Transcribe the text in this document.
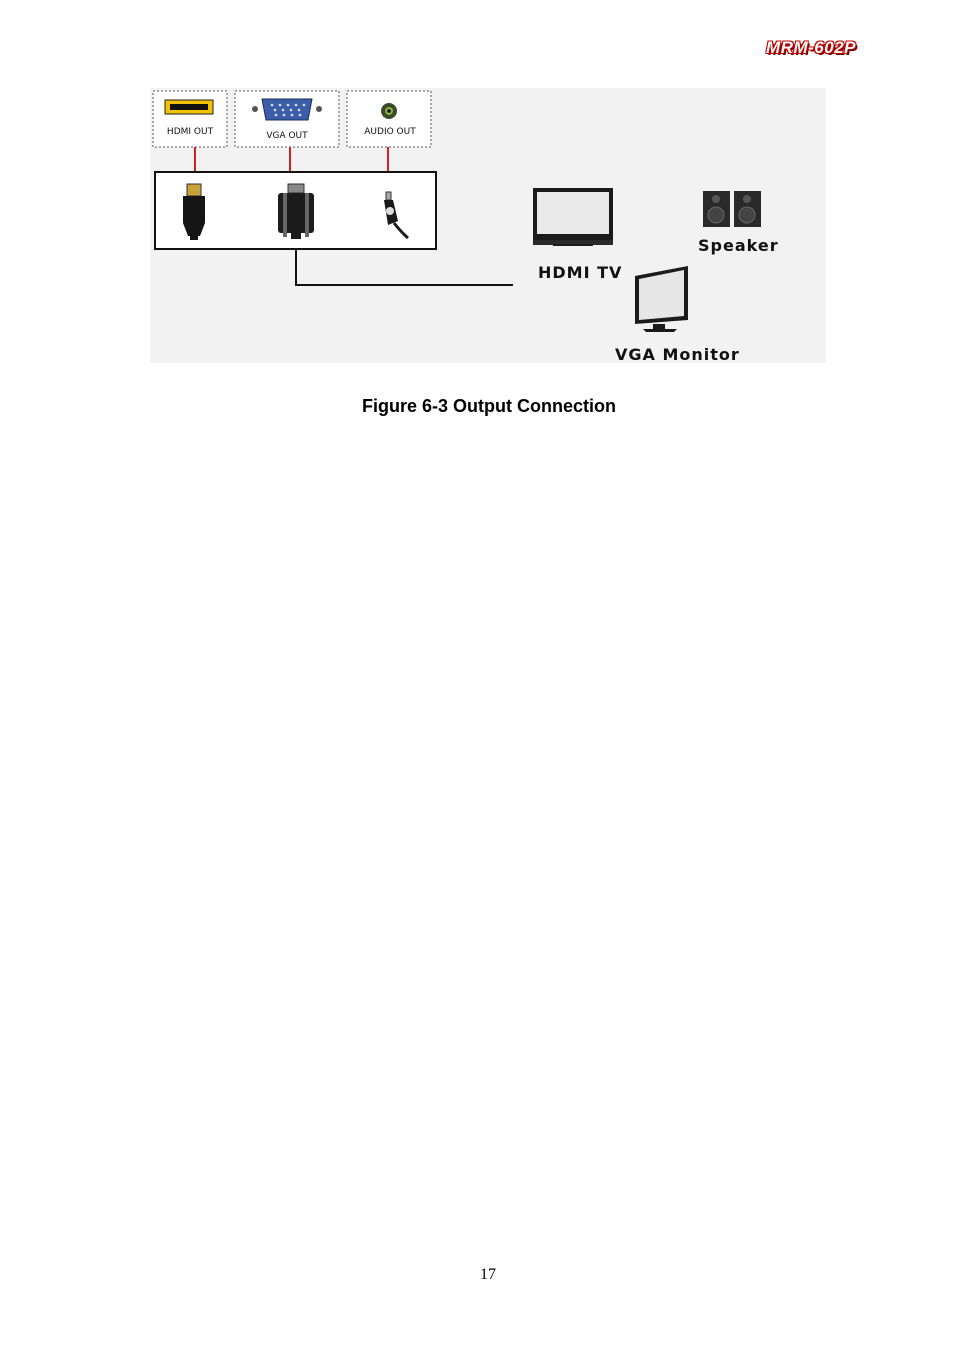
MRM-602P
HDMI OUT	VGA OUT	AUDIO OUT
HDMI TV
Speaker
VGA Monitor
Figure 6-3 Output Connection
17
